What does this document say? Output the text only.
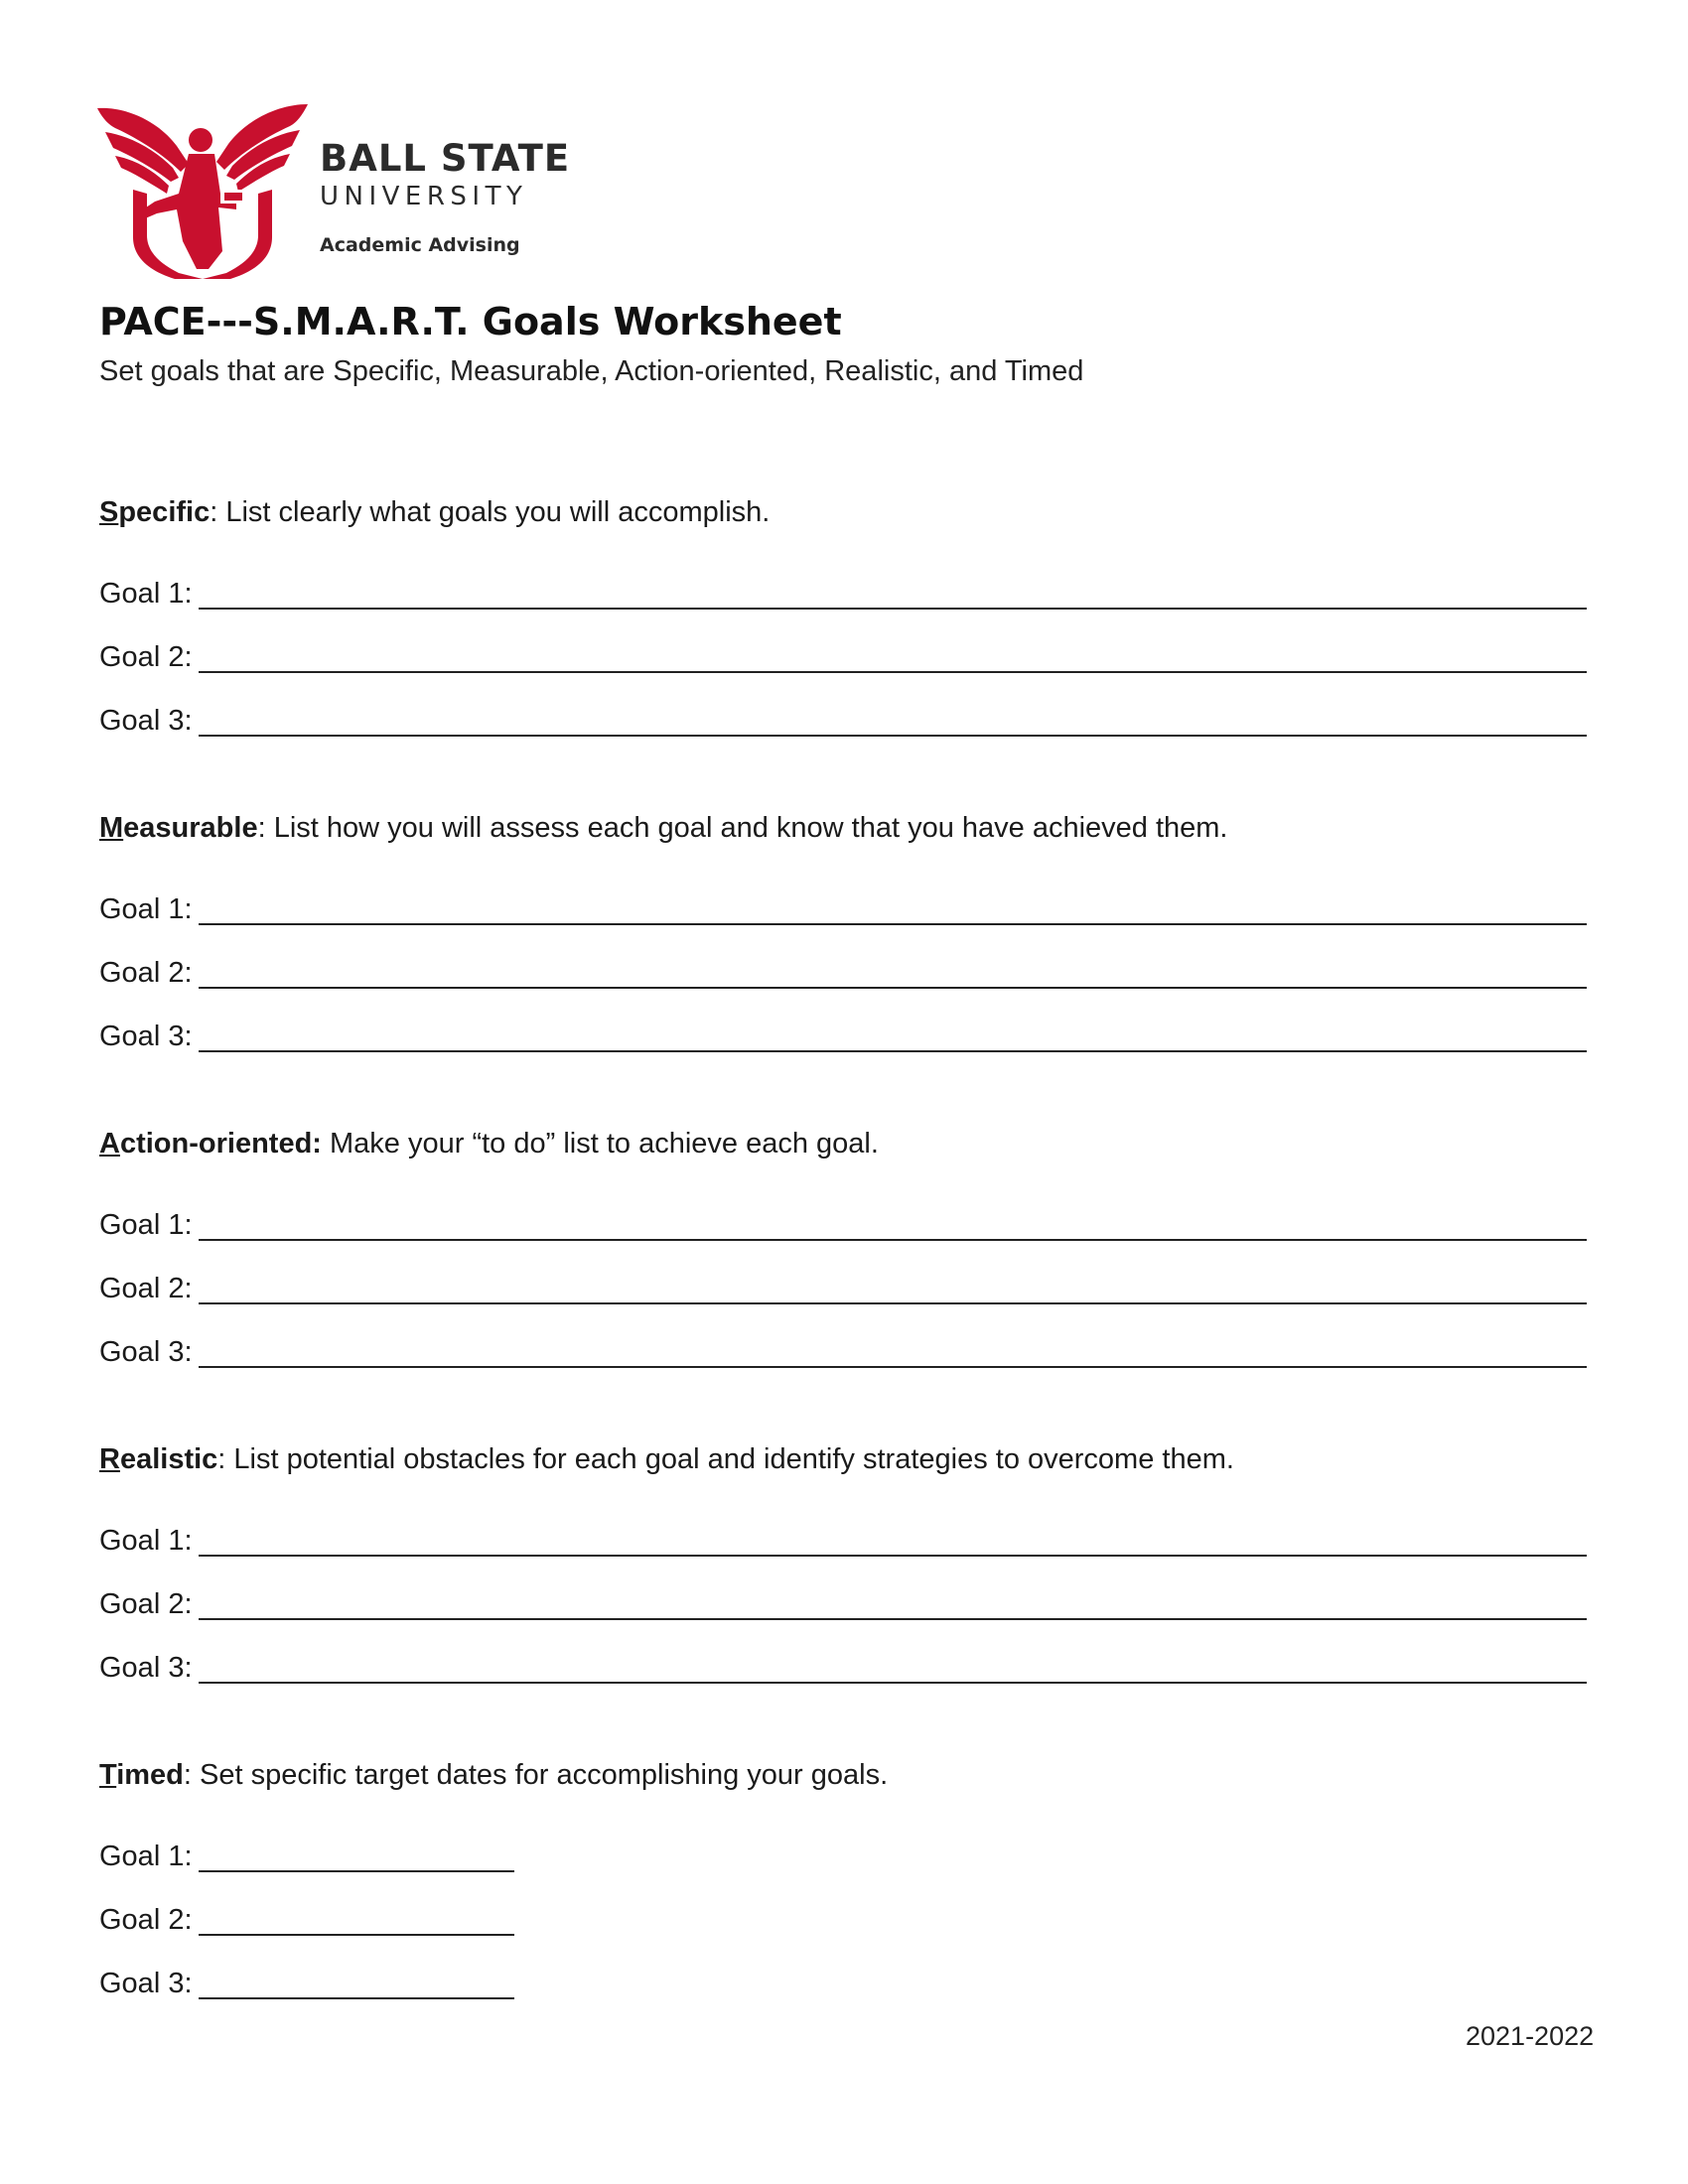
BALL STATE
UNIVERSITY
Academic Advising
PACE---S.M.A.R.T. Goals Worksheet
Set goals that are Specific, Measurable, Action-oriented, Realistic, and Timed
Specific: List clearly what goals you will accomplish.
Goal 1:
Goal 2:
Goal 3:
Measurable: List how you will assess each goal and know that you have achieved them.
Goal 1:
Goal 2:
Goal 3:
Action-oriented: Make your “to do” list to achieve each goal.
Goal 1:
Goal 2:
Goal 3:
Realistic: List potential obstacles for each goal and identify strategies to overcome them.
Goal 1:
Goal 2:
Goal 3:
Timed: Set specific target dates for accomplishing your goals.
Goal 1:
Goal 2:
Goal 3:
2021-2022
